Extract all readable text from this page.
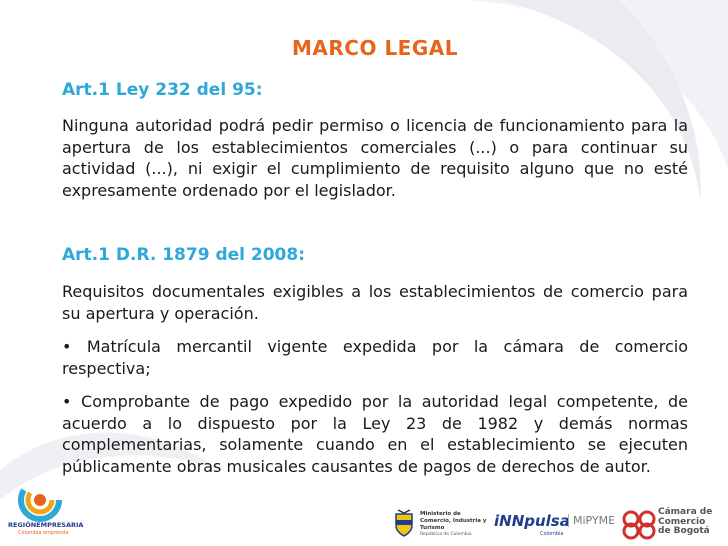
MARCO LEGAL
Art.1 Ley 232 del 95:
Ninguna autoridad podrá pedir permiso o licencia de funcionamiento para la apertura de los establecimientos comerciales (...) o para continuar su actividad (...), ni exigir el cumplimiento de requisito alguno que no esté expresamente ordenado por el legislador.
Art.1 D.R. 1879 del 2008:
Requisitos documentales exigibles a los establecimientos de comercio para su apertura y operación.
• Matrícula mercantil vigente expedida por la cámara de comercio respectiva;
• Comprobante de pago expedido por la autoridad legal competente, de acuerdo a lo dispuesto por la Ley 23 de 1982 y demás normas complementarias, solamente cuando en el establecimiento se ejecuten públicamente obras musicales causantes de pagos de derechos de autor.
REGIÓNEMPRESARIA
Colombia emprende
Ministerio de Comercio, Industria y Turismo
República de Colombia
iNNpulsa
Colombia
MiPYME
Cámara de Comercio de Bogotá
